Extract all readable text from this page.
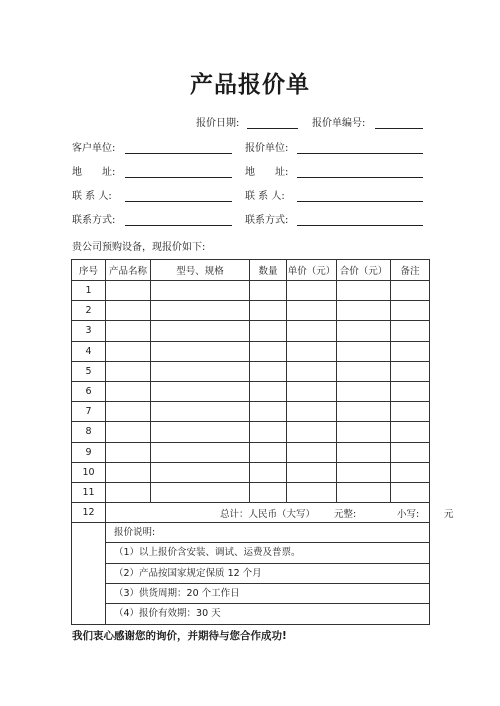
产品报价单
报价日期:	报价单编号:
客户单位:
地　　址:
联 系 人:
联系方式:
报价单位:
地　　址:
联 系 人:
联系方式:
贵公司预购设备，现报价如下:
序号	产品名称	型号、规格	数量	单价（元）	合价（元）	备注
1						
2						
3						
4						
5						
6						
7						
8						
9						
10						
11						
12	总计：人民币（大写） 元整: 小写: 元					

	报价说明:
（1）以上报价含安装、调试、运费及普票。
（2）产品按国家规定保质 12 个月
（3）供货周期：20 个工作日
（4）报价有效期：30 天					
我们衷心感谢您的询价，并期待与您合作成功!
